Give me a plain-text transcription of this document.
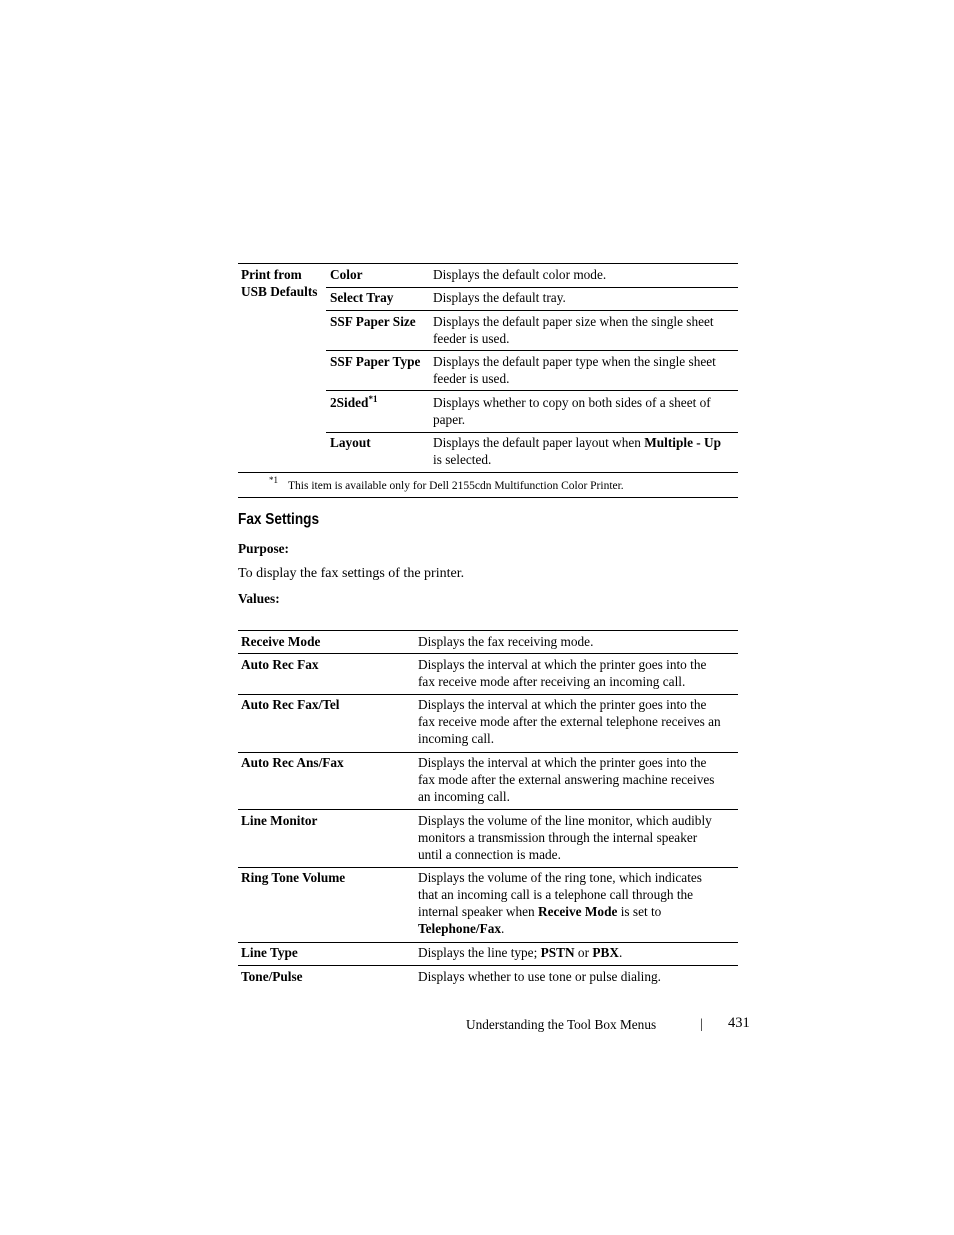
Print from
USB Defaults
Color	Displays the default color mode.
Select Tray	Displays the default tray.
SSF Paper Size Displays the default paper size when the single sheet
feeder is used.
SSF Paper Type Displays the default paper type when the single sheet
feeder is used.
2Sided$^{*1}$	Displays whether to copy on both sides of a sheet of
paper.
Layout	Displays the default paper layout when Multiple - Up
is selected.
*1 This item is available only for Dell 2155cdn Multifunction Color Printer.
Fax Settings
Purpose:
To display the fax settings of the printer.
Values:
Receive Mode	Displays the fax receiving mode.
Auto Rec Fax	Displays the interval at which the printer goes into the
fax receive mode after receiving an incoming call.
Auto Rec Fax/Tel	Displays the interval at which the printer goes into the
fax receive mode after the external telephone receives an
incoming call.
Auto Rec Ans/Fax	Displays the interval at which the printer goes into the
fax mode after the external answering machine receives
an incoming call.
Line Monitor	Displays the volume of the line monitor, which audibly
monitors a transmission through the internal speaker
until a connection is made.
Ring Tone Volume	Displays the volume of the ring tone, which indicates
that an incoming call is a telephone call through the
internal speaker when Receive Mode is set to
Telephone/Fax.
Line Type	Displays the line type; PSTN or PBX.
Tone/Pulse	Displays whether to use tone or pulse dialing.
Understanding the Tool Box Menus	| 431
